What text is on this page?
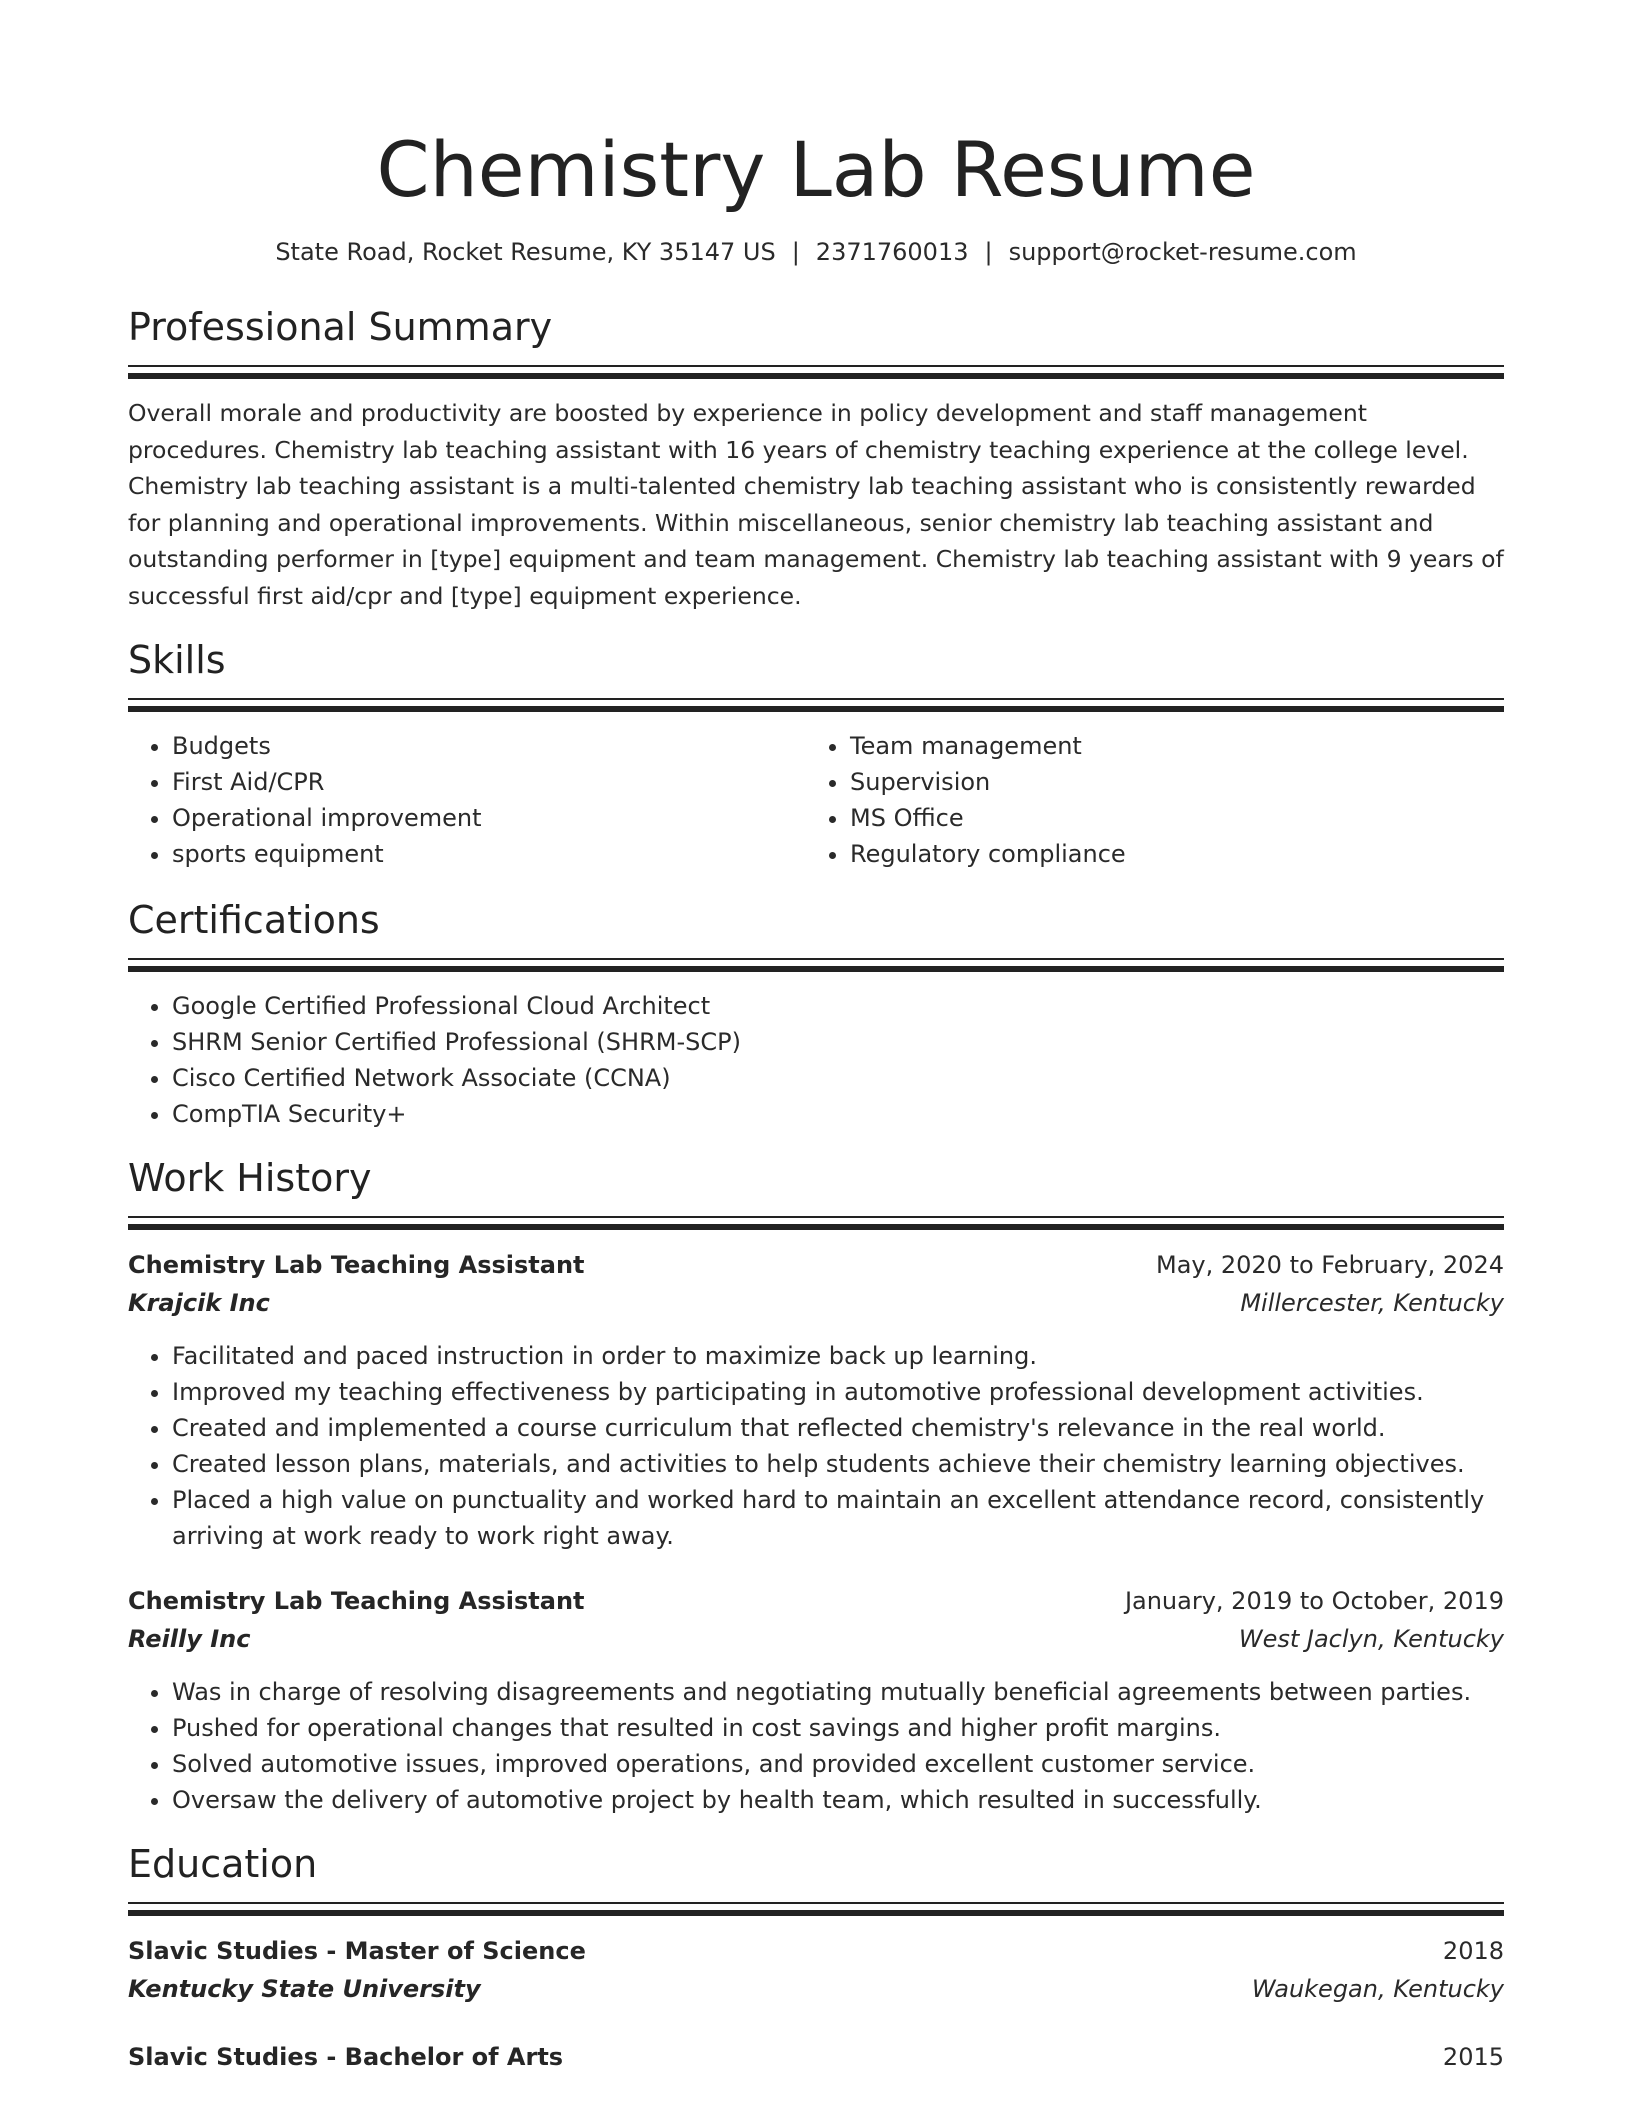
Chemistry Lab Resume
State Road, Rocket Resume, KY 35147 US | 2371760013 | support@rocket-resume.com
Professional Summary

Overall morale and productivity are boosted by experience in policy development and staff management procedures. Chemistry lab teaching assistant with 16 years of chemistry teaching experience at the college level. Chemistry lab teaching assistant is a multi-talented chemistry lab teaching assistant who is consistently rewarded for planning and operational improvements. Within miscellaneous, senior chemistry lab teaching assistant and outstanding performer in [type] equipment and team management. Chemistry lab teaching assistant with 9 years of successful first aid/cpr and [type] equipment experience.

Skills
• Budgets
• First Aid/CPR
• Operational improvement
• sports equipment
• Team management
• Supervision
• MS Office
• Regulatory compliance
Certifications
• Google Certified Professional Cloud Architect
• SHRM Senior Certified Professional (SHRM-SCP)
• Cisco Certified Network Associate (CCNA)
• CompTIA Security+
Work History
Chemistry Lab Teaching Assistant	May, 2020 to February, 2024
Krajcik Inc	Millercester, Kentucky
• Facilitated and paced instruction in order to maximize back up learning.
• Improved my teaching effectiveness by participating in automotive professional development activities.
• Created and implemented a course curriculum that reflected chemistry's relevance in the real world.
• Created lesson plans, materials, and activities to help students achieve their chemistry learning objectives.
• Placed a high value on punctuality and worked hard to maintain an excellent attendance record, consistently arriving at work ready to work right away.
Chemistry Lab Teaching Assistant	January, 2019 to October, 2019
Reilly Inc	West Jaclyn, Kentucky
• Was in charge of resolving disagreements and negotiating mutually beneficial agreements between parties.
• Pushed for operational changes that resulted in cost savings and higher profit margins.
• Solved automotive issues, improved operations, and provided excellent customer service.
• Oversaw the delivery of automotive project by health team, which resulted in successfully.
Education
Slavic Studies - Master of Science	2018
Kentucky State University	Waukegan, Kentucky
Slavic Studies - Bachelor of Arts	2015
